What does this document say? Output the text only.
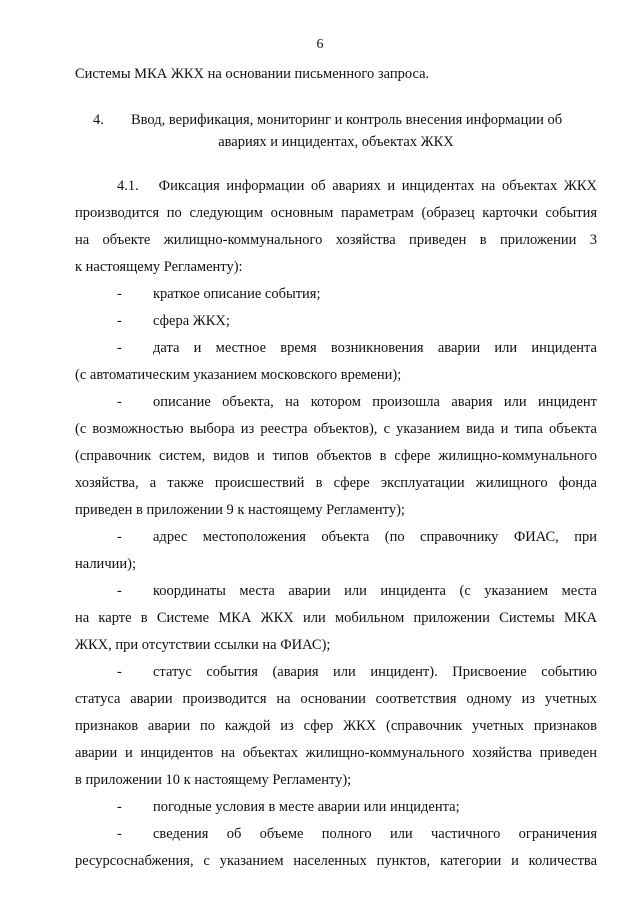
6
Системы МКА ЖКХ на основании письменного запроса.
4. Ввод, верификация, мониторинг и контроль внесения информации об
авариях и инцидентах, объектах ЖКХ
4.1.   Фиксация информации об авариях и инцидентах на объектах ЖКХ
производится по следующим основным параметрам (образец карточки события
на объекте жилищно-коммунального хозяйства приведен в приложении 3
к настоящему Регламенту):
- краткое описание события;
- сфера ЖКХ;
- дата и местное время возникновения аварии или инцидента
(с автоматическим указанием московского времени);
- описание объекта, на котором произошла авария или инцидент
(с возможностью выбора из реестра объектов), с указанием вида и типа объекта
(справочник систем, видов и типов объектов в сфере жилищно-коммунального
хозяйства, а также происшествий в сфере эксплуатации жилищного фонда
приведен в приложении 9 к настоящему Регламенту);
- адрес местоположения объекта (по справочнику ФИАС, при
наличии);
- координаты места аварии или инцидента (с указанием места
на карте в Системе МКА ЖКХ или мобильном приложении Системы МКА
ЖКХ, при отсутствии ссылки на ФИАС);
- статус события (авария или инцидент). Присвоение событию
статуса аварии производится на основании соответствия одному из учетных
признаков аварии по каждой из сфер ЖКХ (справочник учетных признаков
аварии и инцидентов на объектах жилищно-коммунального хозяйства приведен
в приложении 10 к настоящему Регламенту);
- погодные условия в месте аварии или инцидента;
- сведения об объеме полного или частичного ограничения
ресурсоснабжения, с указанием населенных пунктов, категории и количества
